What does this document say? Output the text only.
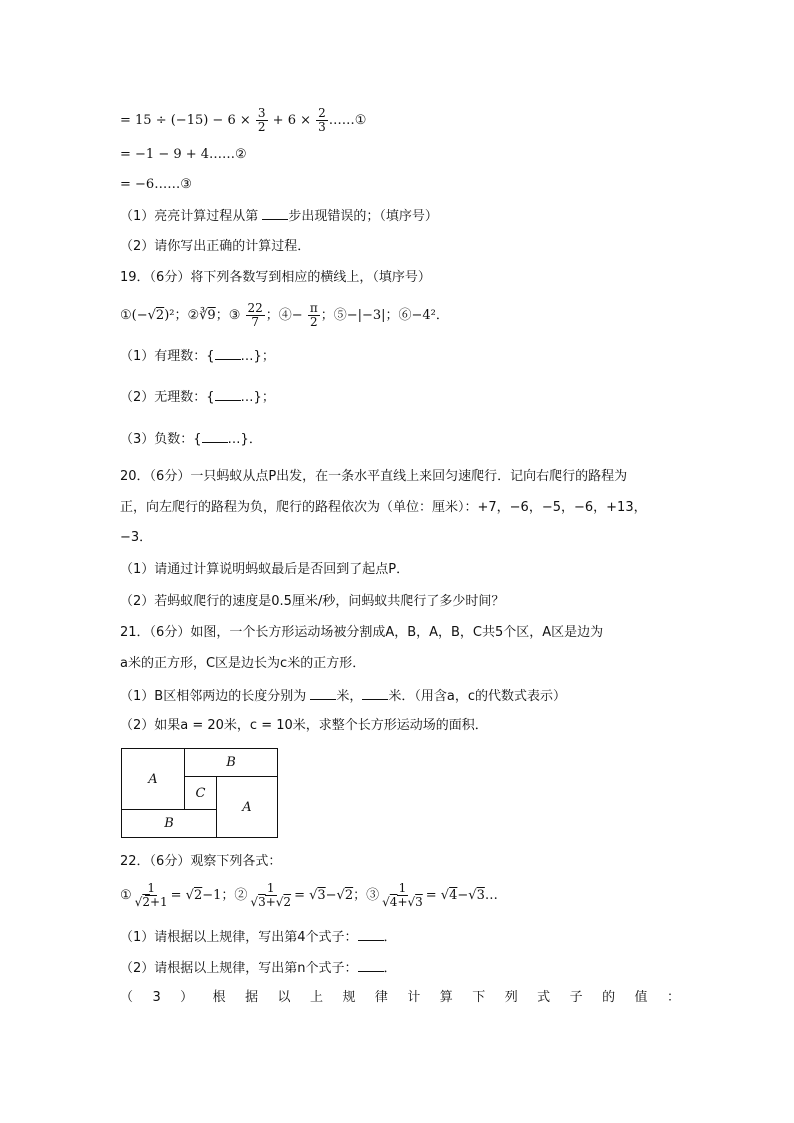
= $15 \div (-15) - 6 \times \frac{3}{2} + 6 \times \frac{2}{3}$ ……①
= −1 − 9 + 4……②
= −6……③
（1）亮亮计算过程从第 步出现错误的；（填序号）
（2）请你写出正确的计算过程．
19．（6分）将下列各数写到相应的横线上，（填序号）
①(−√2)²；②∛9；③ $\frac{22}{7}$ ；④− $\frac{\pi}{2}$ ；⑤−|−3|；⑥−4²．
（1）有理数：{ …}；
（2）无理数：{ …}；
（3）负数：{ …}．
20．（6分）一只蚂蚁从点P出发，在一条水平直线上来回匀速爬行．记向右爬行的路程为
正，向左爬行的路程为负，爬行的路程依次为（单位：厘米）：+7，−6，−5，−6，+13，
−3．
（1）请通过计算说明蚂蚁最后是否回到了起点P．
（2）若蚂蚁爬行的速度是0.5厘米/秒，问蚂蚁共爬行了多少时间？
21．（6分）如图，一个长方形运动场被分割成A，B，A，B，C共5个区，A区是边为
a米的正方形，C区是边长为c米的正方形．
（1）B区相邻两边的长度分别为 米， 米．（用含a，c的代数式表示）
（2）如果a = 20米，c = 10米，求整个长方形运动场的面积．
A
B
C
A
B
22．（6分）观察下列各式：
① $\frac{1}{√2+1} = √2-1$；② $\frac{1}{√3+√2} = √3-√2$；③ $\frac{1}{√4+√3}$ = √4−√3…
（1）请根据以上规律，写出第4个式子： ．
（2）请根据以上规律，写出第n个式子： ．
（ 3 ） 根 据 以 上 规 律 计 算 下 列 式 子 的 值 ：
